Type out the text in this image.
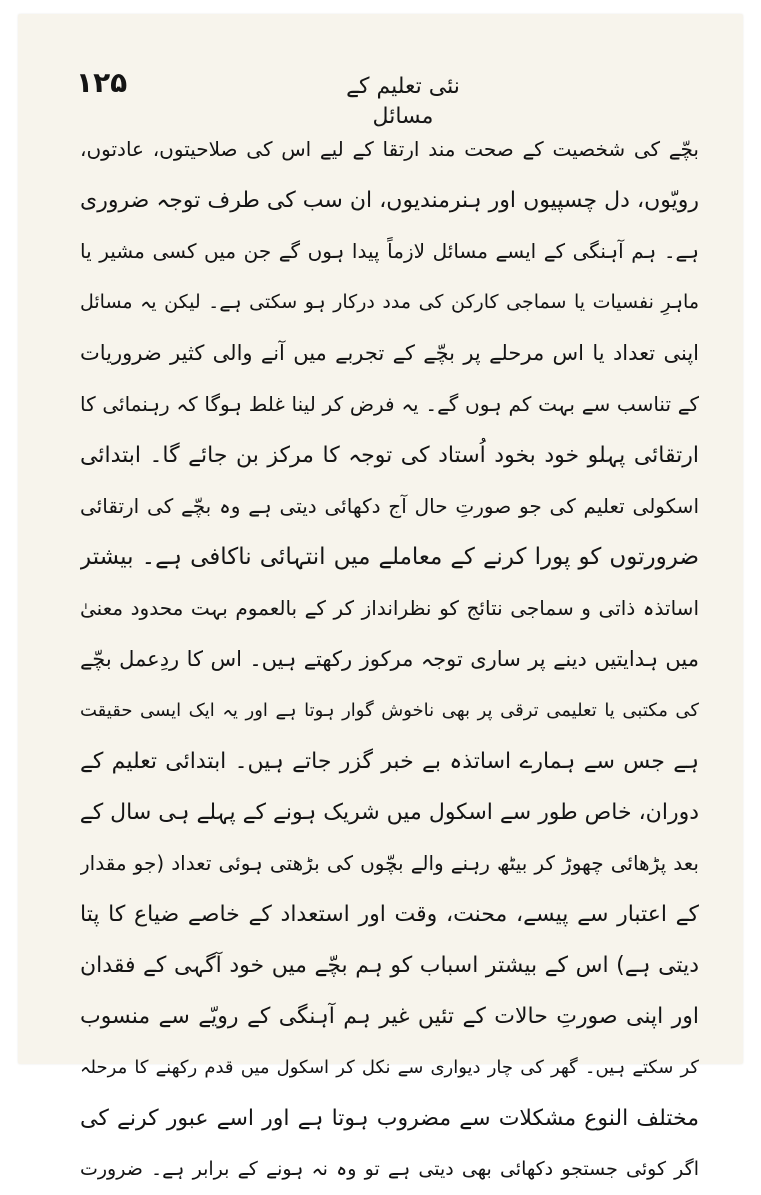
۱۲۵	نئی تعلیم کے مسائل
بچّے کی شخصیت کے صحت مند ارتقا کے لیے اس کی صلاحیتوں، عادتوں،
رویّوں، دل چسپیوں اور ہنرمندیوں، ان سب کی طرف توجہ ضروری
ہے۔ ہم آہنگی کے ایسے مسائل لازماً پیدا ہوں گے جن میں کسی مشیر یا
ماہرِ نفسیات یا سماجی کارکن کی مدد درکار ہو سکتی ہے۔ لیکن یہ مسائل
اپنی تعداد یا اس مرحلے پر بچّے کے تجربے میں آنے والی کثیر ضروریات
کے تناسب سے بہت کم ہوں گے۔ یہ فرض کر لینا غلط ہوگا کہ رہنمائی کا
ارتقائی پہلو خود بخود اُستاد کی توجہ کا مرکز بن جائے گا۔ ابتدائی
اسکولی تعلیم کی جو صورتِ حال آج دکھائی دیتی ہے وہ بچّے کی ارتقائی
ضرورتوں کو پورا کرنے کے معاملے میں انتہائی ناکافی ہے۔ بیشتر
اساتذہ ذاتی و سماجی نتائج کو نظرانداز کر کے بالعموم بہت محدود معنیٰ
میں ہدایتیں دینے پر ساری توجہ مرکوز رکھتے ہیں۔ اس کا ردِعمل بچّے
کی مکتبی یا تعلیمی ترقی پر بھی ناخوش گوار ہوتا ہے اور یہ ایک ایسی حقیقت
ہے جس سے ہمارے اساتذہ بے خبر گزر جاتے ہیں۔ ابتدائی تعلیم کے
دوران، خاص طور سے اسکول میں شریک ہونے کے پہلے ہی سال کے
بعد پڑھائی چھوڑ کر بیٹھ رہنے والے بچّوں کی بڑھتی ہوئی تعداد (جو مقدار
کے اعتبار سے پیسے، محنت، وقت اور استعداد کے خاصے ضیاع کا پتا
دیتی ہے) اس کے بیشتر اسباب کو ہم بچّے میں خود آگہی کے فقدان
اور اپنی صورتِ حالات کے تئیں غیر ہم آہنگی کے رویّے سے منسوب
کر سکتے ہیں۔ گھر کی چار دیواری سے نکل کر اسکول میں قدم رکھنے کا مرحلہ
مختلف النوع مشکلات سے مضروب ہوتا ہے اور اسے عبور کرنے کی
اگر کوئی جستجو دکھائی بھی دیتی ہے تو وہ نہ ہونے کے برابر ہے۔ ضرورت
